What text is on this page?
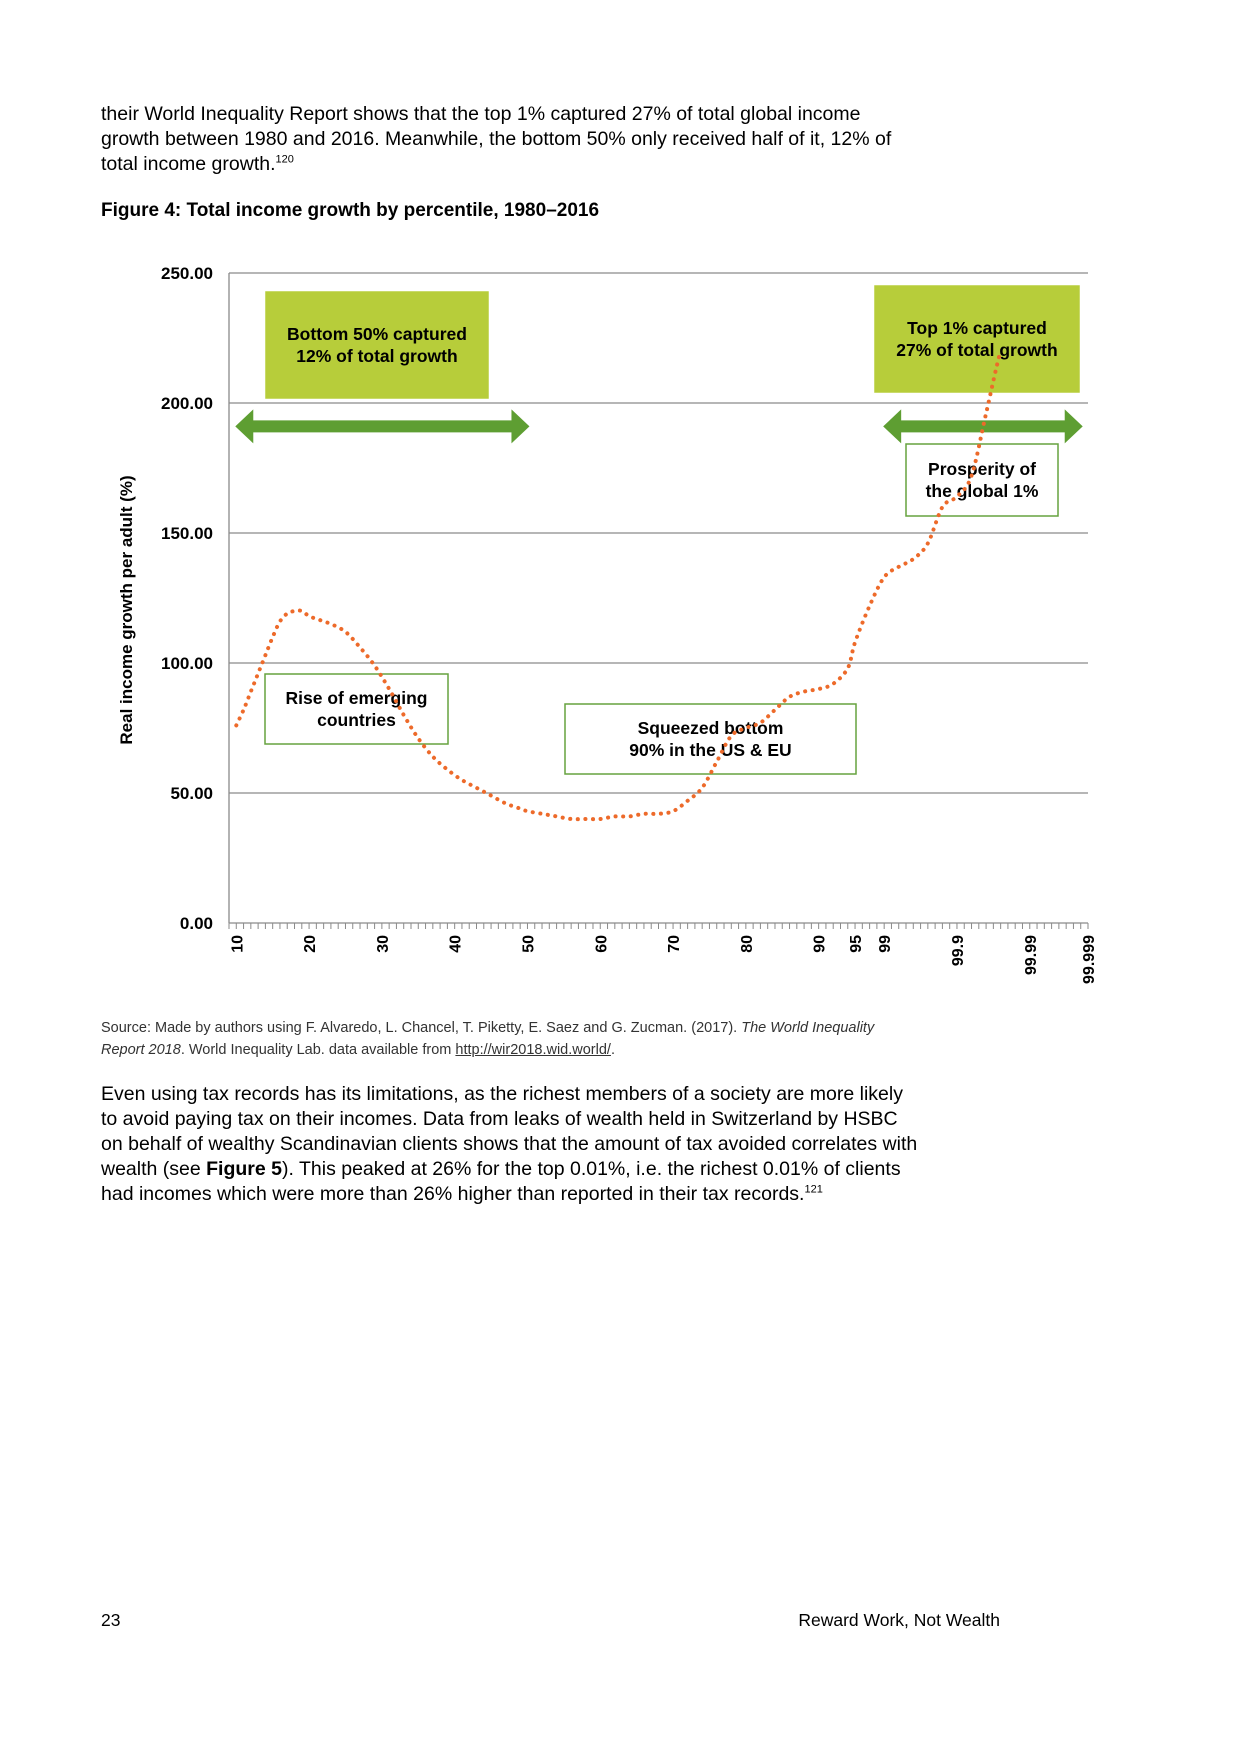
their World Inequality Report shows that the top 1% captured 27% of total global income growth between 1980 and 2016. Meanwhile, the bottom 50% only received half of it, 12% of total income growth.$^{120}$

Figure 4: Total income growth by percentile, 1980–2016

0.00
50.00
100.00
150.00
200.00
250.00
10	20	30	40	50	60	70	80	90 95 99	99.9	99.99	99.999
Real income growth per adult (%)
Bottom 50% captured
12% of total growth
Top 1% captured
27% of total growth
Prosperity of
the global 1%
Rise of emerging
countries	Squeezed bottom
90% in the US & EU
Source: Made by authors using F. Alvaredo, L. Chancel, T. Piketty, E. Saez and G. Zucman. (2017). The World Inequality Report 2018. World Inequality Lab. data available from http://wir2018.wid.world/.

Even using tax records has its limitations, as the richest members of a society are more likely to avoid paying tax on their incomes. Data from leaks of wealth held in Switzerland by HSBC on behalf of wealthy Scandinavian clients shows that the amount of tax avoided correlates with wealth (see Figure 5). This peaked at 26% for the top 0.01%, i.e. the richest 0.01% of clients had incomes which were more than 26% higher than reported in their tax records.$^{121}$

23	Reward Work, Not Wealth
